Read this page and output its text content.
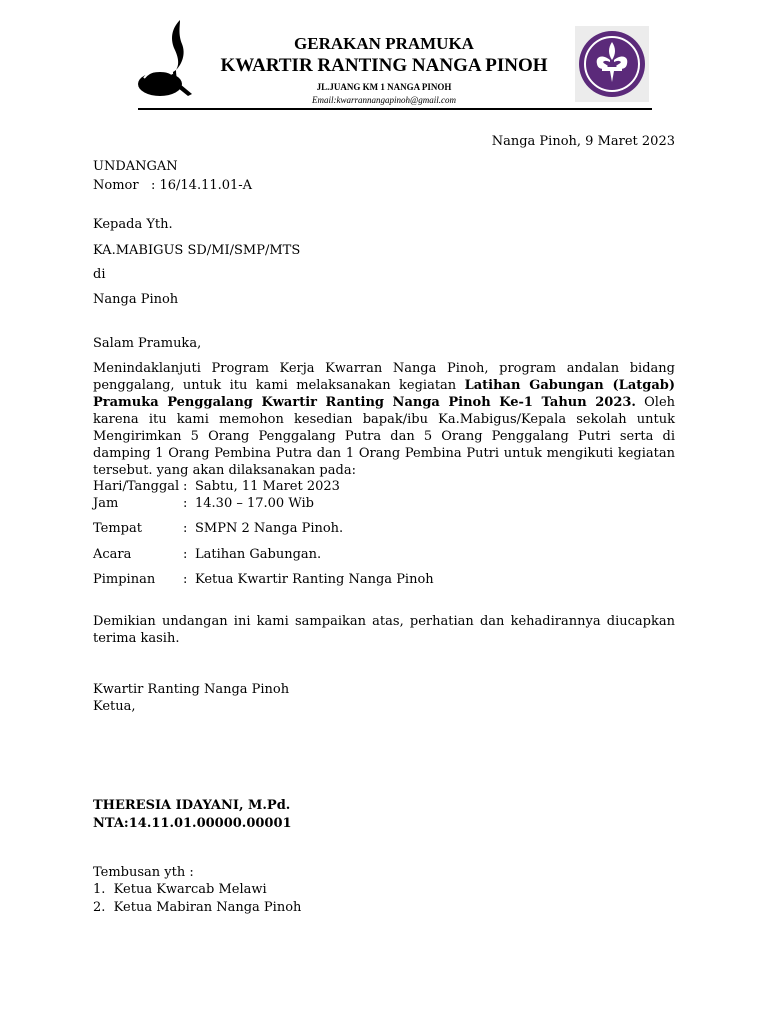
GERAKAN PRAMUKA
KWARTIR RANTING NANGA PINOH
JL.JUANG KM 1 NANGA PINOH
Email:kwarrannangapinoh@gmail.com
Nanga Pinoh, 9 Maret 2023
UNDANGAN
Nomor   : 16/14.11.01-A
Kepada Yth.
KA.MABIGUS SD/MI/SMP/MTS
di
Nanga Pinoh
Salam Pramuka,
Menindaklanjuti Program Kerja Kwarran Nanga Pinoh, program andalan bidang penggalang, untuk itu kami melaksanakan kegiatan Latihan Gabungan (Latgab) Pramuka Penggalang Kwartir Ranting Nanga Pinoh Ke-1 Tahun 2023. Oleh karena itu kami memohon kesedian bapak/ibu Ka.Mabigus/Kepala sekolah untuk Mengirimkan 5 Orang Penggalang Putra dan 5 Orang Penggalang Putri serta di damping 1 Orang Pembina Putra dan 1 Orang Pembina Putri untuk mengikuti kegiatan tersebut. yang akan dilaksanakan pada:
Hari/Tanggal : Sabtu, 11 Maret 2023
Jam	: 14.30 – 17.00 Wib
Tempat	: SMPN 2 Nanga Pinoh.
Acara	: Latihan Gabungan.
Pimpinan : Ketua Kwartir Ranting Nanga Pinoh
Demikian undangan ini kami sampaikan atas, perhatian dan kehadirannya diucapkan terima kasih.
Kwartir Ranting Nanga Pinoh
Ketua,
THERESIA IDAYANI, M.Pd.
NTA:14.11.01.00000.00001
Tembusan yth :
1.  Ketua Kwarcab Melawi
2.  Ketua Mabiran Nanga Pinoh
